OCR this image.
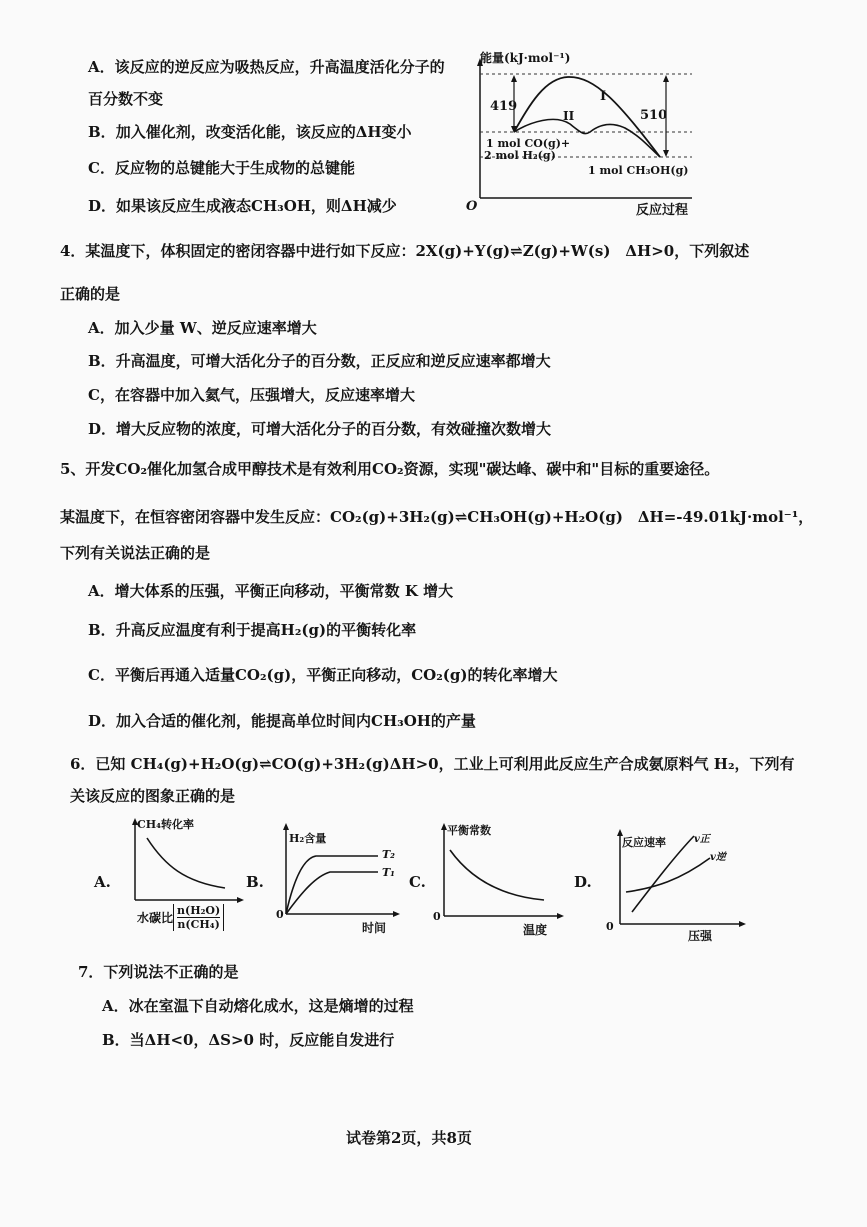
A．该反应的逆反应为吸热反应，升高温度活化分子的
百分数不变
B．加入催化剂，改变活化能，该反应的ΔH变小
C．反应物的总键能大于生成物的总键能
D．如果该反应生成液态CH₃OH，则ΔH减少
能量(kJ·mol⁻¹)
O	反应过程
419
510
I
II
1 mol CO(g)+
2 mol H₂(g)
1 mol CH₃OH(g)
4．某温度下，体积固定的密闭容器中进行如下反应：2X(g)+Y(g)⇌Z(g)+W(s)　ΔH>0，下列叙述
正确的是
A．加入少量 W、逆反应速率增大
B．升高温度，可增大活化分子的百分数，正反应和逆反应速率都增大
C，在容器中加入氦气，压强增大，反应速率增大
D．增大反应物的浓度，可增大活化分子的百分数，有效碰撞次数增大
5、开发CO₂催化加氢合成甲醇技术是有效利用CO₂资源，实现"碳达峰、碳中和"目标的重要途径。
某温度下，在恒容密闭容器中发生反应：CO₂(g)+3H₂(g)⇌CH₃OH(g)+H₂O(g)　ΔH=-49.01kJ·mol⁻¹，
下列有关说法正确的是
A．增大体系的压强，平衡正向移动，平衡常数 K 增大
B．升高反应温度有利于提高H₂(g)的平衡转化率
C．平衡后再通入适量CO₂(g)，平衡正向移动，CO₂(g)的转化率增大
D．加入合适的催化剂，能提高单位时间内CH₃OH的产量
6．已知 CH₄(g)+H₂O(g)⇌CO(g)+3H₂(g)ΔH>0，工业上可利用此反应生产合成氨原料气 H₂，下列有
关该反应的图象正确的是
A.
CH₄转化率
水碳比 $\frac{\text{n(H₂O)}}{\text{n(CH₄)}}$
B.
H₂含量
0
T₂
T₁
时间
C.
平衡常数
0
温度
D.
反应速率
0
v正
v逆
压强
7．下列说法不正确的是
A．冰在室温下自动熔化成水，这是熵增的过程
B．当ΔH<0，ΔS>0 时，反应能自发进行
试卷第2页，共8页
